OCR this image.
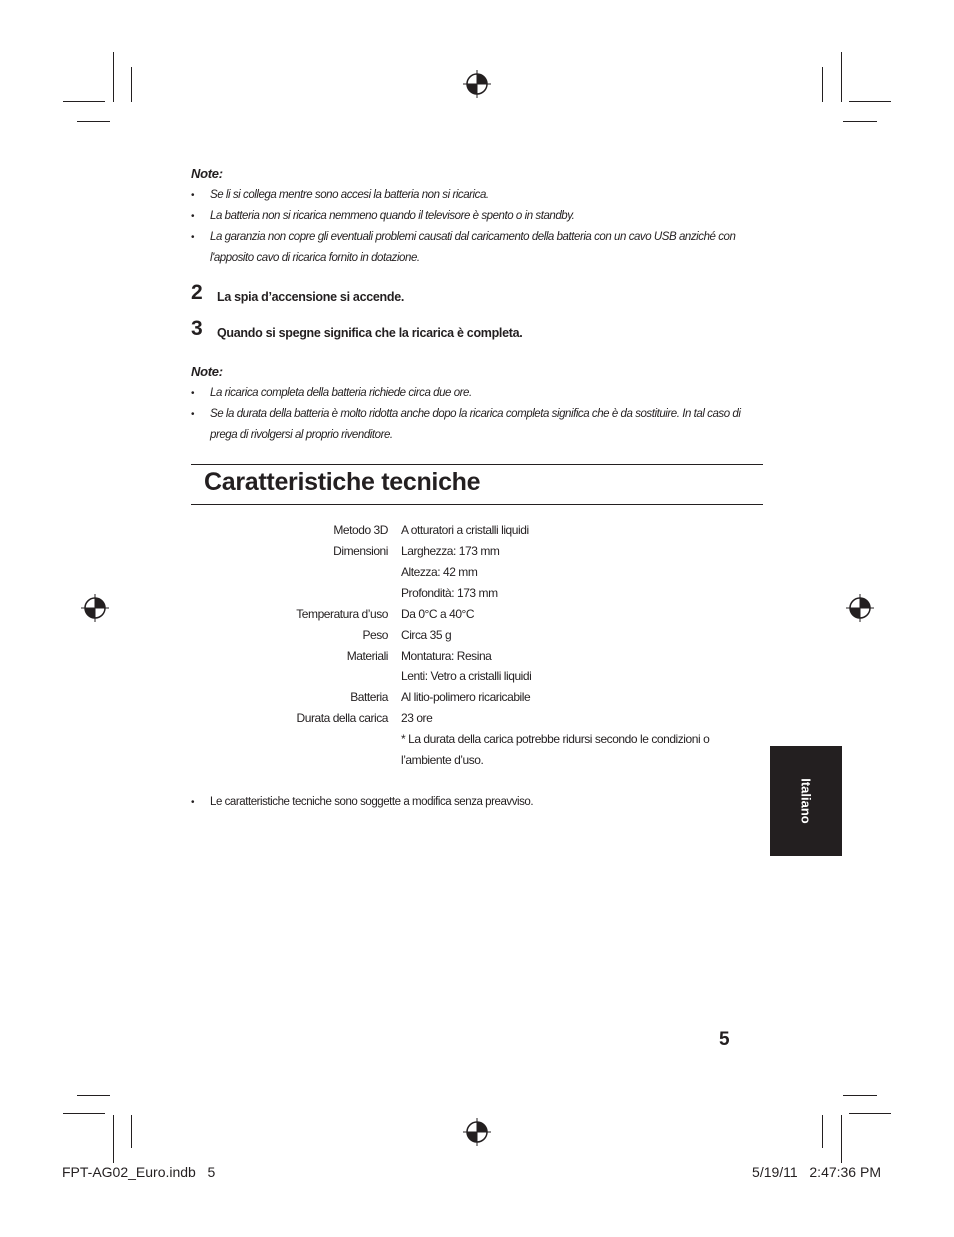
Note:
• Se li si collega mentre sono accesi la batteria non si ricarica.
• La batteria non si ricarica nemmeno quando il televisore è spento o in standby.
• La garanzia non copre gli eventuali problemi causati dal caricamento della batteria con un cavo USB anziché con l'apposito cavo di ricarica fornito in dotazione.
2 La spia d’accensione si accende.
3 Quando si spegne significa che la ricarica è completa.
Note:
• La ricarica completa della batteria richiede circa due ore.
• Se la durata della batteria è molto ridotta anche dopo la ricarica completa significa che è da sostituire. In tal caso di prega di rivolgersi al proprio rivenditore.
Caratteristiche tecniche
Metodo 3D A otturatori a cristalli liquidi
Dimensioni Larghezza: 173 mm
Altezza: 42 mm
Profondità: 173 mm
Temperatura d’uso Da 0°C a 40°C
Peso Circa 35 g
Materiali Montatura: Resina
Lenti: Vetro a cristalli liquidi
Batteria Al litio-polimero ricaricabile
Durata della carica 23 ore
* La durata della carica potrebbe ridursi secondo le condizioni o l’ambiente d’uso.
• Le caratteristiche tecniche sono soggette a modifica senza preavviso.	Italiano
5
FPT-AG02_Euro.indb   5	5/19/11   2:47:36 PM
